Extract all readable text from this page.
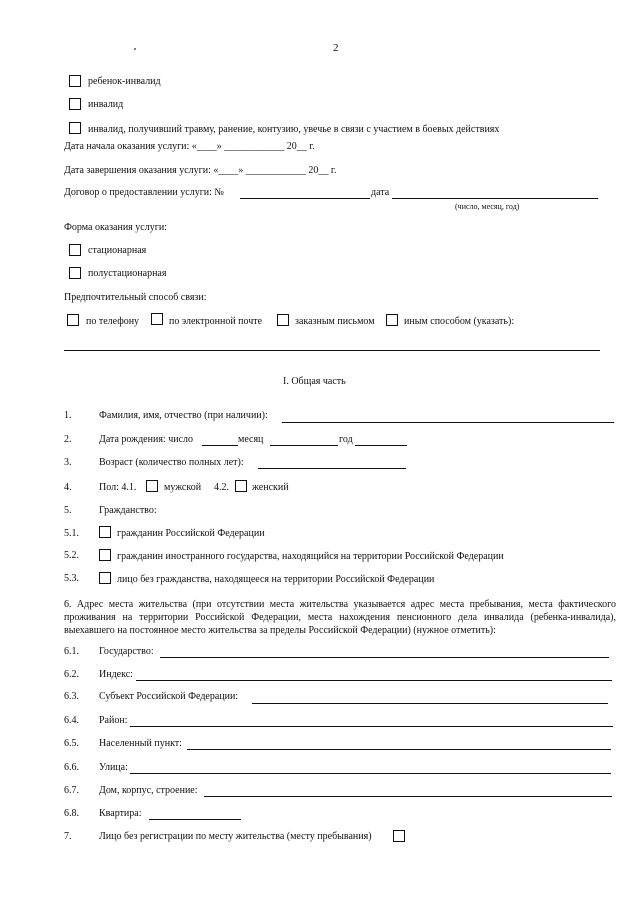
2
ребенок-инвалид
инвалид
инвалид, получивший травму, ранение, контузию, увечье в связи с участием в боевых действиях
Дата начала оказания услуги: «____» ____________ 20__ г.
Дата завершения оказания услуги: «____» ____________ 20__ г.
Договор о предоставлении услуги: №	дата
(число, месяц, год)
Форма оказания услуги:
стационарная
полустационарная
Предпочтительный способ связи:
по телефону	по электронной почте	заказным письмом	иным способом (указать):
I. Общая часть
1.	Фамилия, имя, отчество (при наличии):
2.	Дата рождения: число	месяц	год
3.	Возраст (количество полных лет):
4.	Пол: 4.1.	мужской 4.2. женский
5.	Гражданство:
5.1.	гражданин Российской Федерации
5.2.	гражданин иностранного государства, находящийся на территории Российской Федерации
5.3.	лицо без гражданства, находящееся на территории Российской Федерации
6. Адрес места жительства (при отсутствии места жительства указывается адрес места пребывания, места фактического проживания на территории Российской Федерации, места нахождения пенсионного дела инвалида (ребенка-инвалида), выехавшего на постоянное место жительства за пределы Российской Федерации) (нужное отметить):
6.1. Государство:
6.2. Индекс:
6.3. Субъект Российской Федерации:
6.4. Район:
6.5. Населенный пункт:
6.6. Улица:
6.7. Дом, корпус, строение:
6.8. Квартира:
7.	Лицо без регистрации по месту жительства (месту пребывания)
